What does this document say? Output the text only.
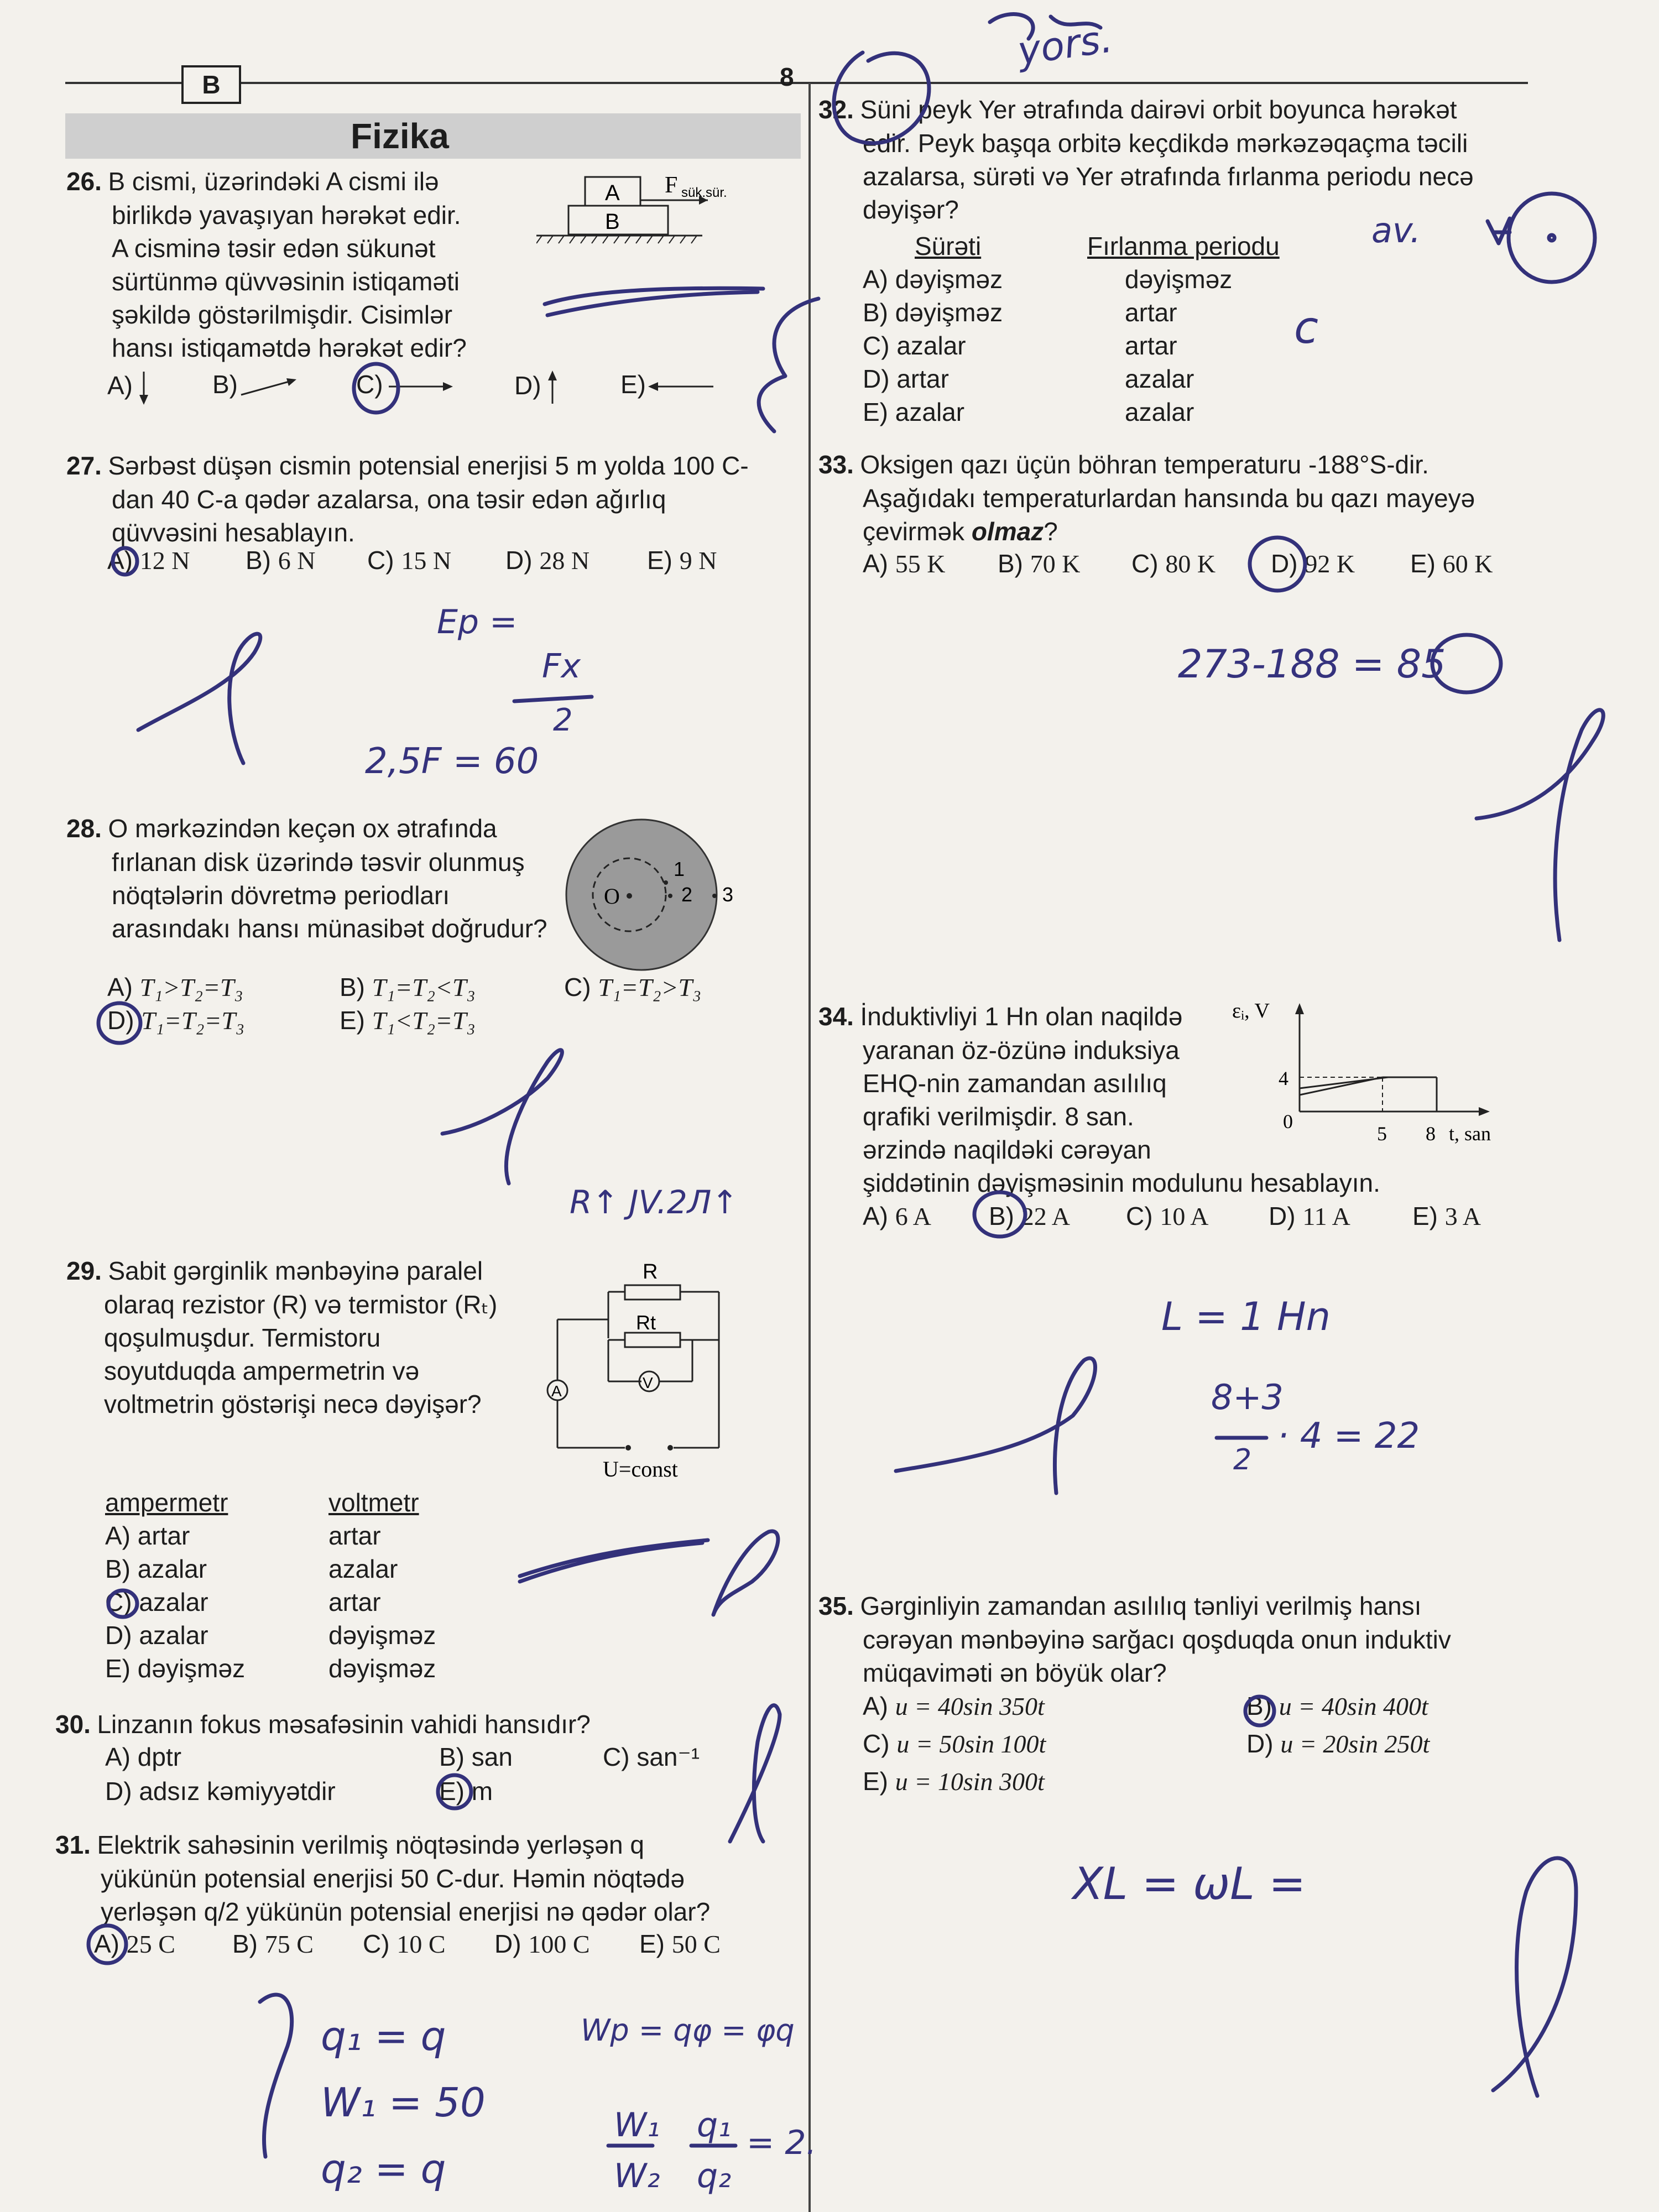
B	8
Fizika
26. B cismi, üzərindəki A cismi ilə
birlikdə yavaşıyan hərəkət edir.
A cisminə təsir edən sükunət
sürtünmə qüvvəsinin istiqaməti
şəkildə göstərilmişdir. Cisimlər
hansı istiqamətdə hərəkət edir?
A
B
F sük.sür.
A)	B)	C)	D)	E)
27. Sərbəst düşən cismin potensial enerjisi 5 m yolda 100 C-
dan 40 C-a qədər azalarsa, ona təsir edən ağırlıq
qüvvəsini hesablayın.
A) 12 N B) 6 N C) 15 N D) 28 N E) 9 N
28. O mərkəzindən keçən ox ətrafında
fırlanan disk üzərində təsvir olunmuş
nöqtələrin dövretmə periodları
arasındakı hansı münasibət doğrudur?
O
1
2 3
A) T₁>T₂=T₃	B) T₁=T₂<T₃	C) T₁=T₂>T₃
D) T₁=T₂=T₃	E) T₁<T₂=T₃
29. Sabit gərginlik mənbəyinə paralel
olaraq rezistor (R) və termistor (Rₜ)
qoşulmuşdur. Termistoru
soyutduqda ampermetrin və
voltmetrin göstərişi necə dəyişər?
R
Rt
V
A
U=const
ampermetr	voltmetr
A) artar	artar
B) azalar	azalar
C) azalar	artar
D) azalar	dəyişməz
E) dəyişməz	dəyişməz
30. Linzanın fokus məsafəsinin vahidi hansıdır?
A) dptr	B) san	C) san⁻¹
D) adsız kəmiyyətdir	E) m
31. Elektrik sahəsinin verilmiş nöqtəsində yerləşən q
yükünün potensial enerjisi 50 C-dur. Həmin nöqtədə
yerləşən q/2 yükünün potensial enerjisi nə qədər olar?
A) 25 C B) 75 C C) 10 C D) 100 C E) 50 C
32. Süni peyk Yer ətrafında dairəvi orbit boyunca hərəkət
edir. Peyk başqa orbitə keçdikdə mərkəzəqaçma təcili
azalarsa, sürəti və Yer ətrafında fırlanma periodu necə
dəyişər?
Sürəti	Fırlanma periodu
A) dəyişməz	dəyişməz
B) dəyişməz	artar
C) azalar	artar
D) artar	azalar
E) azalar	azalar
33. Oksigen qazı üçün böhran temperaturu -188°S-dir.
Aşağıdakı temperaturlardan hansında bu qazı mayeyə
çevirmək olmaz?
A) 55 K B) 70 K C) 80 K D) 92 K E) 60 K
34. İnduktivliyi 1 Hn olan naqildə
yaranan öz-özünə induksiya
EHQ-nin zamandan asılılıq
qrafiki verilmişdir. 8 san.
ərzində naqildəki cərəyan
şiddətinin dəyişməsinin modulunu hesablayın.
εᵢ, V
4
0
5 8 t, san
A) 6 A B) 22 A C) 10 A D) 11 A E) 3 A
35. Gərginliyin zamandan asılılıq tənliyi verilmiş hansı
cərəyan mənbəyinə sarğacı qoşduqda onun induktiv
müqaviməti ən böyük olar?
A) u = 40sin 350t	B) u = 40sin 400t
C) u = 50sin 100t	D) u = 20sin 250t
E) u = 10sin 300t
yors.
av.
c
Ep =
Fx
2
2,5F = 60
R↑ JV.2Л↑
273-188 = 85
L = 1 Hn
8+3
2
· 4 = 22
XL = ωL =
q₁ = q
W₁ = 50
q₂ = q
Wp = qφ = φq
W₁
W₂
q₁
q₂
= 2.
